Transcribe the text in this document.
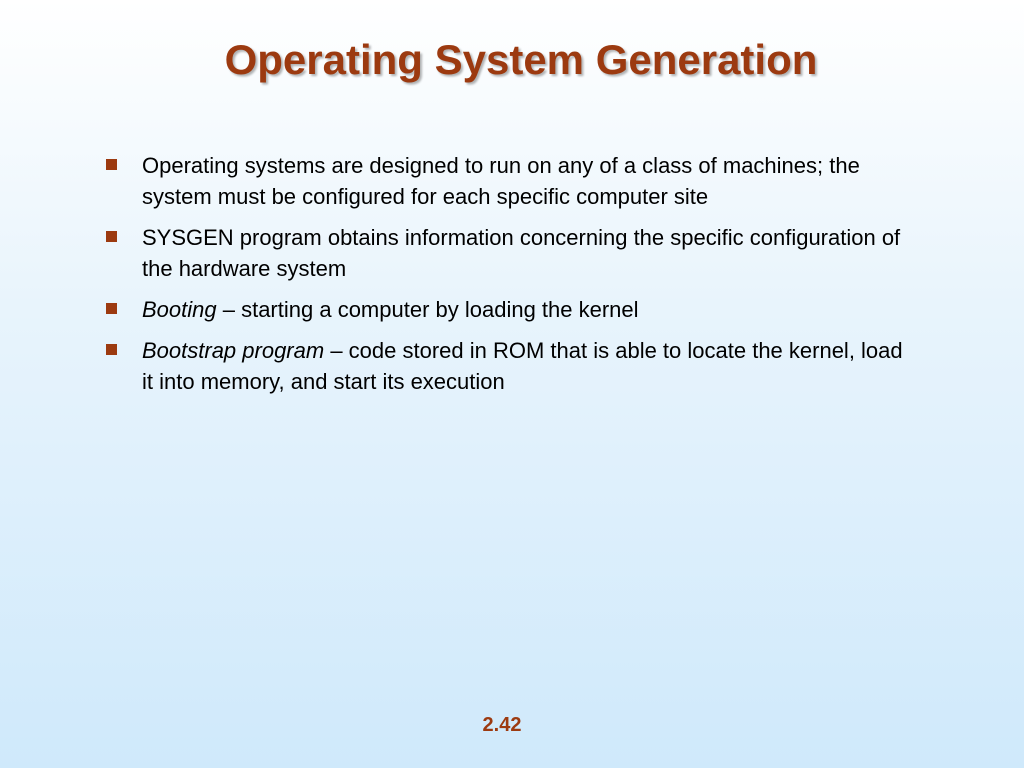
Operating System Generation
Operating systems are designed to run on any of a class of machines; the system must be configured for each specific computer site
SYSGEN program obtains information concerning the specific configuration of the hardware system
Booting – starting a computer by loading the kernel
Bootstrap program – code stored in ROM that is able to locate the kernel, load it into memory, and start its execution
2.42
